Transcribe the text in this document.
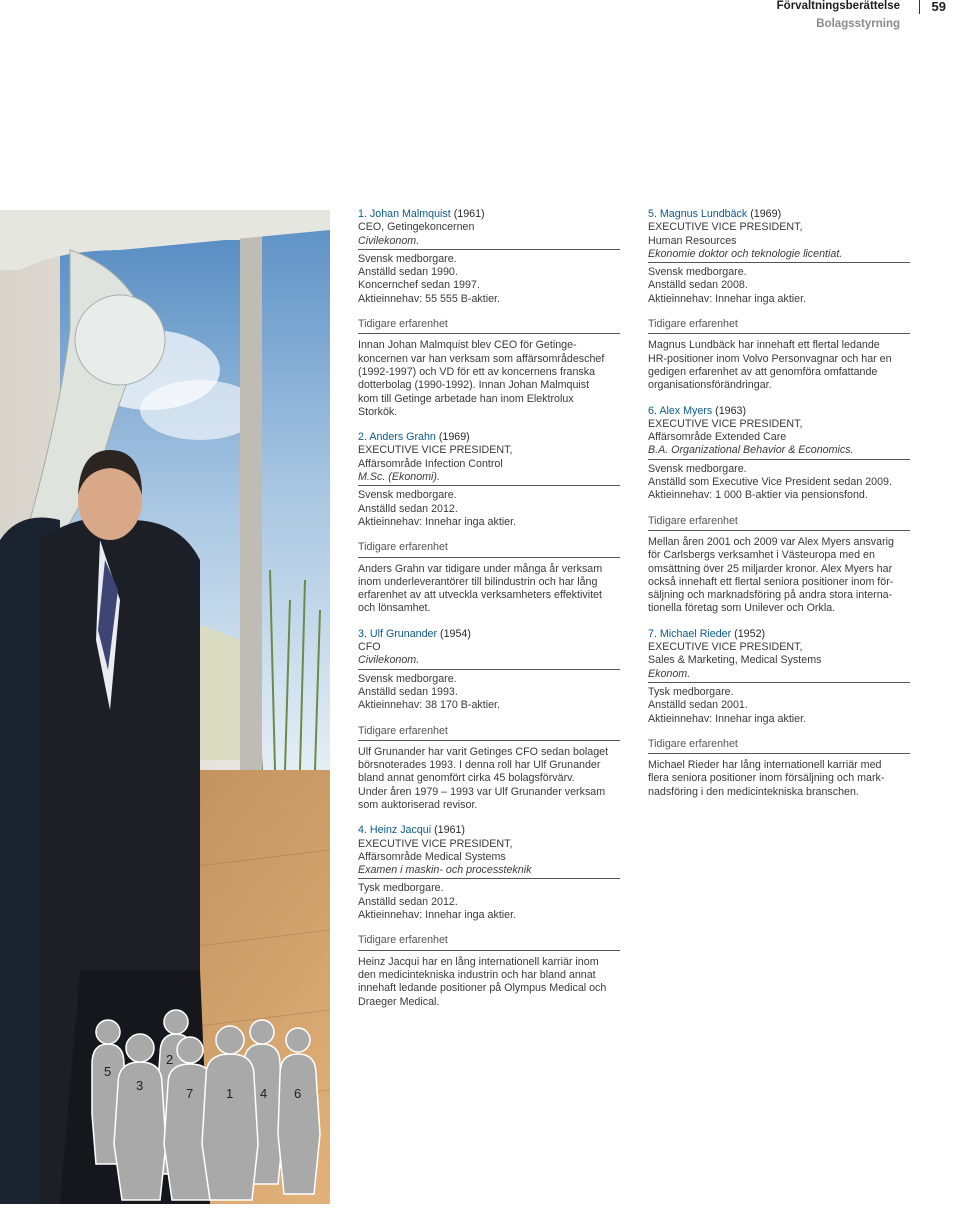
Förvaltningsberättelse
Bolagsstyrning
59
5
3
2
7	1 4 6
1. Johan Malmquist (1961)
CEO, Getingekoncernen
Civilekonom.
Svensk medborgare.
Anställd sedan 1990.
Koncernchef sedan 1997.
Aktieinnehav: 55 555 B-aktier.
Tidigare erfarenhet
Innan Johan Malmquist blev CEO för Getinge-
koncernen var han verksam som affärsområdeschef
(1992-1997) och VD för ett av koncernens franska
dotterbolag (1990-1992). Innan Johan Malmquist
kom till Getinge arbetade han inom Elektrolux
Storkök.
2. Anders Grahn (1969)
EXECUTIVE VICE PRESIDENT,
Affärsområde Infection Control
M.Sc. (Ekonomi).
Svensk medborgare.
Anställd sedan 2012.
Aktieinnehav: Innehar inga aktier.
Tidigare erfarenhet
Anders Grahn var tidigare under många år verksam
inom underleverantörer till bilindustrin och har lång
erfarenhet av att utveckla verksamheters effektivitet
och lönsamhet.
3. Ulf Grunander (1954)
CFO
Civilekonom.
Svensk medborgare.
Anställd sedan 1993.
Aktieinnehav: 38 170 B-aktier.
Tidigare erfarenhet
Ulf Grunander har varit Getinges CFO sedan bolaget
börsnoterades 1993. I denna roll har Ulf Grunander
bland annat genomfört cirka 45 bolagsförvärv.
Under åren 1979 – 1993 var Ulf Grunander verksam
som auktoriserad revisor.
4. Heinz Jacqui (1961)
EXECUTIVE VICE PRESIDENT,
Affärsområde Medical Systems
Examen i maskin- och processteknik
Tysk medborgare.
Anställd sedan 2012.
Aktieinnehav: Innehar inga aktier.
Tidigare erfarenhet
Heinz Jacqui har en lång internationell karriär inom
den medicintekniska industrin och har bland annat
innehaft ledande positioner på Olympus Medical och
Draeger Medical.
5. Magnus Lundbäck (1969)
EXECUTIVE VICE PRESIDENT,
Human Resources
Ekonomie doktor och teknologie licentiat.
Svensk medborgare.
Anställd sedan 2008.
Aktieinnehav: Innehar inga aktier.
Tidigare erfarenhet
Magnus Lundbäck har innehaft ett flertal ledande
HR-positioner inom Volvo Personvagnar och har en
gedigen erfarenhet av att genomföra omfattande
organisationsförändringar.
6. Alex Myers (1963)
EXECUTIVE VICE PRESIDENT,
Affärsområde Extended Care
B.A. Organizational Behavior & Economics.
Svensk medborgare.
Anställd som Executive Vice President sedan 2009.
Aktieinnehav: 1 000 B-aktier via pensionsfond.
Tidigare erfarenhet
Mellan åren 2001 och 2009 var Alex Myers ansvarig
för Carlsbergs verksamhet i Västeuropa med en
omsättning över 25 miljarder kronor. Alex Myers har
också innehaft ett flertal seniora positioner inom för-
säljning och marknadsföring på andra stora interna-
tionella företag som Unilever och Orkla.
7. Michael Rieder (1952)
EXECUTIVE VICE PRESIDENT,
Sales & Marketing, Medical Systems
Ekonom.
Tysk medborgare.
Anställd sedan 2001.
Aktieinnehav: Innehar inga aktier.
Tidigare erfarenhet
Michael Rieder har lång internationell karriär med
flera seniora positioner inom försäljning och mark-
nadsföring i den medicintekniska branschen.
